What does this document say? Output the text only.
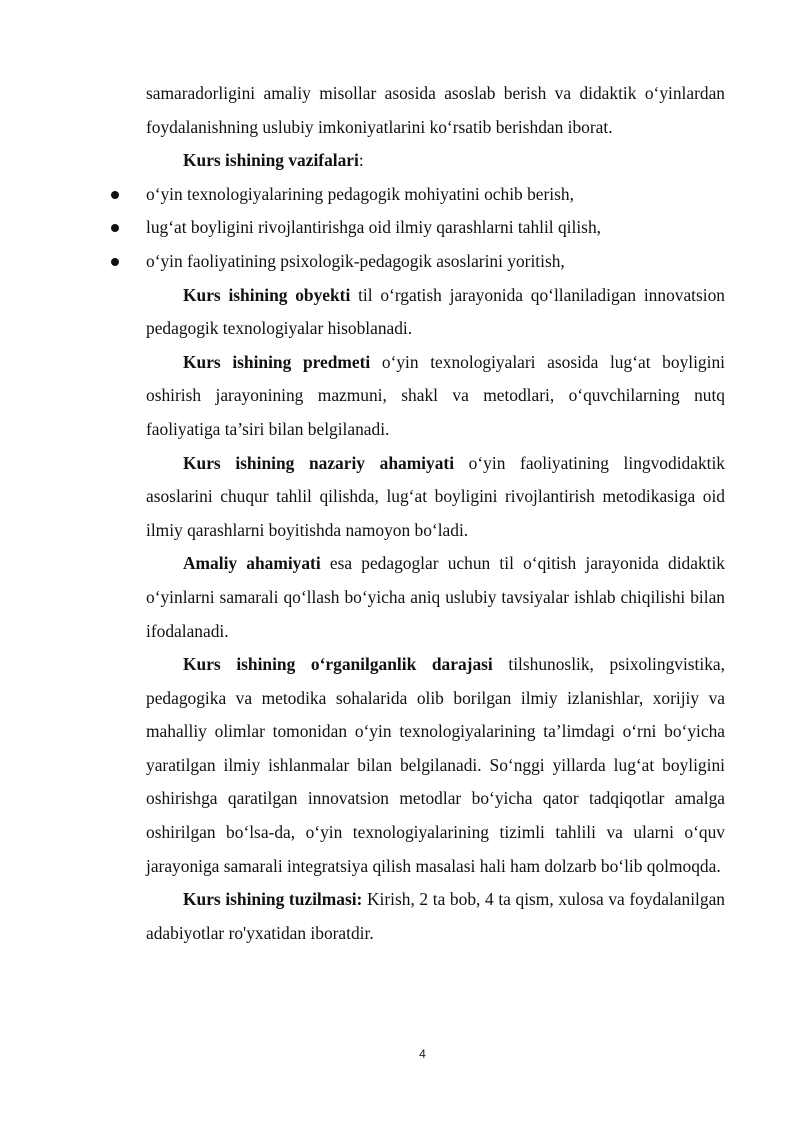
samaradorligini amaliy misollar asosida asoslab berish va didaktik o‘yinlardan foydalanishning uslubiy imkoniyatlarini ko‘rsatib berishdan iborat.

Kurs ishining vazifalari:

o‘yin texnologiyalarining pedagogik mohiyatini ochib berish,
lug‘at boyligini rivojlantirishga oid ilmiy qarashlarni tahlil qilish,
o‘yin faoliyatining psixologik-pedagogik asoslarini yoritish,

Kurs ishining obyekti til o‘rgatish jarayonida qo‘llaniladigan innovatsion pedagogik texnologiyalar hisoblanadi.

Kurs ishining predmeti o‘yin texnologiyalari asosida lug‘at boyligini oshirish jarayonining mazmuni, shakl va metodlari, o‘quvchilarning nutq faoliyatiga ta’siri bilan belgilanadi.

Kurs ishining nazariy ahamiyati o‘yin faoliyatining lingvodidaktik asoslarini chuqur tahlil qilishda, lug‘at boyligini rivojlantirish metodikasiga oid ilmiy qarashlarni boyitishda namoyon bo‘ladi.

Amaliy ahamiyati esa pedagoglar uchun til o‘qitish jarayonida didaktik o‘yinlarni samarali qo‘llash bo‘yicha aniq uslubiy tavsiyalar ishlab chiqilishi bilan ifodalanadi.

Kurs ishining o‘rganilganlik darajasi tilshunoslik, psixolingvistika, pedagogika va metodika sohalarida olib borilgan ilmiy izlanishlar, xorijiy va mahalliy olimlar tomonidan o‘yin texnologiyalarining ta’limdagi o‘rni bo‘yicha yaratilgan ilmiy ishlanmalar bilan belgilanadi. So‘nggi yillarda lug‘at boyligini oshirishga qaratilgan innovatsion metodlar bo‘yicha qator tadqiqotlar amalga oshirilgan bo‘lsa-da, o‘yin texnologiyalarining tizimli tahlili va ularni o‘quv jarayoniga samarali integratsiya qilish masalasi hali ham dolzarb bo‘lib qolmoqda.

Kurs ishining tuzilmasi: Kirish, 2 ta bob, 4 ta qism, xulosa va foydalanilgan adabiyotlar ro'yxatidan iboratdir.

4
